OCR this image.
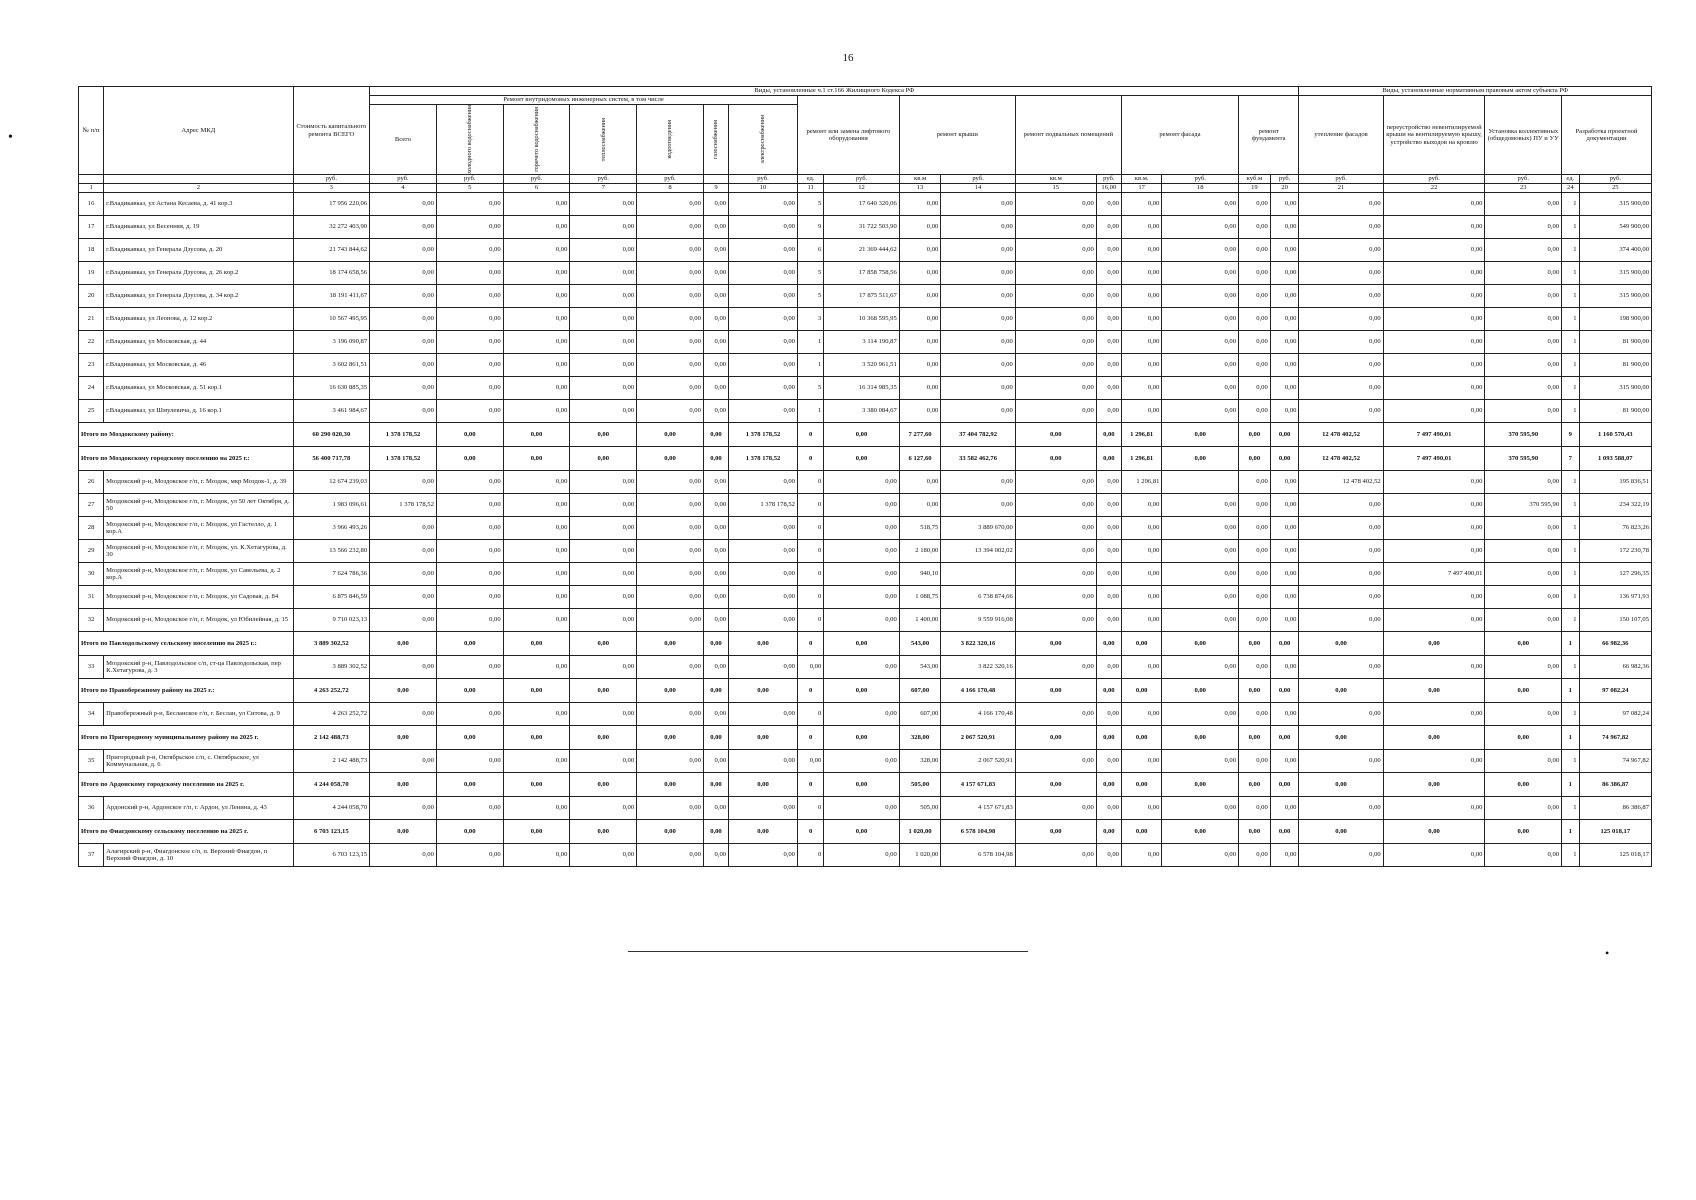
16
•	№ п/п	Адрес МКД	Стоимость капитального ремонта ВСЕГО	Виды, установленные ч.1 ст.166 Жилищного Кодекса РФ																	Виды, установленные нормативным правовым актом субъекта РФ				
			Ремонт внутридомовых инженерных систем, в том числе							ремонт или замена лифтового оборудования		ремонт крыши		ремонт подвальных помещений		ремонт фасада		ремонт фундамента		утепление фасадов	переустройство невентилируемой крыши на вентилируемую крышу, устройство выходов на кровлю	Установка коллективных (общедомовых) ПУ и УУ	Разработка проектной документации	
			Всего	холодного водоснабжения	горячего водоснабжения	теплоснабжения	водоотведения	газоснабжения	электроснабжения															

		руб.	руб.	руб.	руб.	руб.	руб.		руб.	ед.	руб.	кв.м	руб.	кв.м	руб.	кв.м.	руб.	куб.м	руб.	руб.	руб.	руб.	ед.	руб.
1	2	3	4	5	6	7	8	9	10	11	12	13	14	15	16,00	17	18	19	20	21	22	23	24	25
16	г.Владикавказ, ул Астана Кесаева, д. 41 кор.3	17 956 220,06	0,00	0,00	0,00	0,00	0,00	0,00	0,00	5	17 640 320,06	0,00	0,00	0,00	0,00	0,00	0,00	0,00	0,00	0,00	0,00	0,00	1	315 900,00
17	г.Владикавказ, ул Весенняя, д. 19	32 272 403,90	0,00	0,00	0,00	0,00	0,00	0,00	0,00	9	31 722 503,90	0,00	0,00	0,00	0,00	0,00	0,00	0,00	0,00	0,00	0,00	0,00	1	549 900,00
18	г.Владикавказ, ул Генерала Дзусова, д. 20	21 743 844,62	0,00	0,00	0,00	0,00	0,00	0,00	0,00	6	21 369 444,62	0,00	0,00	0,00	0,00	0,00	0,00	0,00	0,00	0,00	0,00	0,00	1	374 400,00
19	г.Владикавказ, ул Генерала Дзусова, д. 26 кор.2	18 174 658,56	0,00	0,00	0,00	0,00	0,00	0,00	0,00	5	17 858 758,56	0,00	0,00	0,00	0,00	0,00	0,00	0,00	0,00	0,00	0,00	0,00	1	315 900,00
20	г.Владикавказ, ул Генерала Дзусова, д. 34 кор.2	18 191 411,67	0,00	0,00	0,00	0,00	0,00	0,00	0,00	5	17 875 511,67	0,00	0,00	0,00	0,00	0,00	0,00	0,00	0,00	0,00	0,00	0,00	1	315 900,00
21	г.Владикавказ, ул Леонова, д. 12 кор.2	10 567 495,95	0,00	0,00	0,00	0,00	0,00	0,00	0,00	3	10 368 595,95	0,00	0,00	0,00	0,00	0,00	0,00	0,00	0,00	0,00	0,00	0,00	1	198 900,00
22	г.Владикавказ, ул Московская, д. 44	3 196 090,87	0,00	0,00	0,00	0,00	0,00	0,00	0,00	1	3 114 190,87	0,00	0,00	0,00	0,00	0,00	0,00	0,00	0,00	0,00	0,00	0,00	1	81 900,00
23	г.Владикавказ, ул Московская, д. 46	3 602 861,51	0,00	0,00	0,00	0,00	0,00	0,00	0,00	1	3 520 961,51	0,00	0,00	0,00	0,00	0,00	0,00	0,00	0,00	0,00	0,00	0,00	1	81 900,00
24	г.Владикавказ, ул Московская, д. 51 кор.1	16 630 885,35	0,00	0,00	0,00	0,00	0,00	0,00	0,00	5	16 314 985,35	0,00	0,00	0,00	0,00	0,00	0,00	0,00	0,00	0,00	0,00	0,00	1	315 900,00
25	г.Владикавказ, ул Шмулевича, д. 16 кор.1	3 461 984,67	0,00	0,00	0,00	0,00	0,00	0,00	0,00	1	3 380 084,67	0,00	0,00	0,00	0,00	0,00	0,00	0,00	0,00	0,00	0,00	0,00	1	81 900,00
Итого по Моздокскому району:		60 290 020,30	1 378 178,52	0,00	0,00	0,00	0,00	0,00	1 378 178,52	0	0,00	7 277,60	37 404 782,92	0,00	0,00	1 296,81	0,00	0,00	0,00	12 478 402,52	7 497 490,01	370 595,90	9	1 160 570,43
Итого по Моздокскому городскому поселению на 2025 г.:		56 400 717,78	1 378 178,52	0,00	0,00	0,00	0,00	0,00	1 378 178,52	0	0,00	6 127,60	33 582 462,76	0,00	0,00	1 296,81	0,00	0,00	0,00	12 478 402,52	7 497 490,01	370 595,90	7	1 093 588,07
26	Моздокский р-н, Моздокское г/п, г. Моздок, мкр Моздок-1, д. 39	12 674 239,03	0,00	0,00	0,00	0,00	0,00	0,00	0,00	0	0,00	0,00	0,00	0,00	0,00	1 296,81		0,00	0,00	12 478 402,52	0,00	0,00	1	195 836,51
27	Моздокский р-н, Моздокское г/п, г. Моздок, ул 50 лет Октября, д. 50	1 983 096,61	1 378 178,52	0,00	0,00	0,00	0,00	0,00	1 378 178,52	0	0,00	0,00	0,00	0,00	0,00	0,00	0,00	0,00	0,00	0,00	0,00	370 595,90	1	234 322,19
28	Моздокский р-н, Моздокское г/п, г. Моздок, ул Гастелло, д. 1 кор.А	3 966 493,26	0,00	0,00	0,00	0,00	0,00	0,00	0,00	0	0,00	518,75	3 889 670,00	0,00	0,00	0,00	0,00	0,00	0,00	0,00	0,00	0,00	1	76 823,26
29	Моздокский р-н, Моздокское г/п, г. Моздок, ул. К.Хетагурова, д. 30	13 566 232,80	0,00	0,00	0,00	0,00	0,00	0,00	0,00	0	0,00	2 180,00	13 394 002,02	0,00	0,00	0,00	0,00	0,00	0,00	0,00	0,00	0,00	1	172 230,78
30	Моздокский р-н, Моздокское г/п, г. Моздок, ул Савельева, д. 2 кор.А	7 624 786,36	0,00	0,00	0,00	0,00	0,00	0,00	0,00	0	0,00	940,10		0,00	0,00	0,00	0,00	0,00	0,00	0,00	7 497 490,01	0,00	1	127 296,35
31	Моздокский р-н, Моздокское г/п, г. Моздок, ул Садовая, д. 84	6 875 846,59	0,00	0,00	0,00	0,00	0,00	0,00	0,00	0	0,00	1 088,75	6 738 874,66	0,00	0,00	0,00	0,00	0,00	0,00	0,00	0,00	0,00	1	136 971,93
32	Моздокский р-н, Моздокское г/п, г. Моздок, ул Юбилейная, д. 15	9 710 023,13	0,00	0,00	0,00	0,00	0,00	0,00	0,00	0	0,00	1 400,00	9 559 916,08	0,00	0,00	0,00	0,00	0,00	0,00	0,00	0,00	0,00	1	150 107,05
Итого по Павлодольскому сельскому поселению на 2025 г.:		3 889 302,52	0,00	0,00	0,00	0,00	0,00	0,00	0,00	0	0,00	543,00	3 822 320,16	0,00	0,00	0,00	0,00	0,00	0,00	0,00	0,00	0,00	1	66 982,36
33	Моздокский р-н, Павлодольское с/п, ст-ца Павлодольская, пер К.Хетагурова, д. 3	3 889 302,52	0,00	0,00	0,00	0,00	0,00	0,00	0,00	0,00	0,00	543,00	3 822 320,16	0,00	0,00	0,00	0,00	0,00	0,00	0,00	0,00	0,00	1	66 982,36
Итого по Правобережному району на 2025 г.:		4 263 252,72	0,00	0,00	0,00	0,00	0,00	0,00	0,00	0	0,00	607,00	4 166 170,48	0,00	0,00	0,00	0,00	0,00	0,00	0,00	0,00	0,00	1	97 082,24
34	Правобережный р-н, Бесланское г/п, г. Беслан, ул Ситова, д. 9	4 263 252,72	0,00	0,00	0,00	0,00	0,00	0,00	0,00	0	0,00	607,00	4 166 170,48	0,00	0,00	0,00	0,00	0,00	0,00	0,00	0,00	0,00	1	97 082,24
Итого по Пригородному муниципальному району на 2025 г.		2 142 488,73	0,00	0,00	0,00	0,00	0,00	0,00	0,00	0	0,00	328,00	2 067 520,91	0,00	0,00	0,00	0,00	0,00	0,00	0,00	0,00	0,00	1	74 967,82
35	Пригородный р-н, Октябрьское с/п, с. Октябрьское, ул Коммунальная, д. 6	2 142 488,73	0,00	0,00	0,00	0,00	0,00	0,00	0,00	0,00	0,00	328,00	2 067 520,91	0,00	0,00	0,00	0,00	0,00	0,00	0,00	0,00	0,00	1	74 967,82
Итого по Ардонскому городскому поселению на 2025 г.		4 244 058,70	0,00	0,00	0,00	0,00	0,00	0,00	0,00	0	0,00	505,00	4 157 671,83	0,00	0,00	0,00	0,00	0,00	0,00	0,00	0,00	0,00	1	86 386,87
36	Ардонский р-н, Ардонское г/п, г. Ардон, ул Ленина, д. 43	4 244 058,70	0,00	0,00	0,00	0,00	0,00	0,00	0,00	0	0,00	505,00	4 157 671,83	0,00	0,00	0,00	0,00	0,00	0,00	0,00	0,00	0,00	1	86 386,87
Итого по Фиагдонскому сельскому поселению на 2025 г.		6 703 123,15	0,00	0,00	0,00	0,00	0,00	0,00	0,00	0	0,00	1 020,00	6 578 104,98	0,00	0,00	0,00	0,00	0,00	0,00	0,00	0,00	0,00	1	125 018,17
37	Алагирский р-н, Фиагдонское с/п, п. Верхний Фиагдон, п Верхний Фиагдон, д. 10	6 703 123,15	0,00	0,00	0,00	0,00	0,00	0,00	0,00	0	0,00	1 020,00	6 578 104,98	0,00	0,00	0,00	0,00	0,00	0,00	0,00	0,00	0,00	1	125 018,17
•
